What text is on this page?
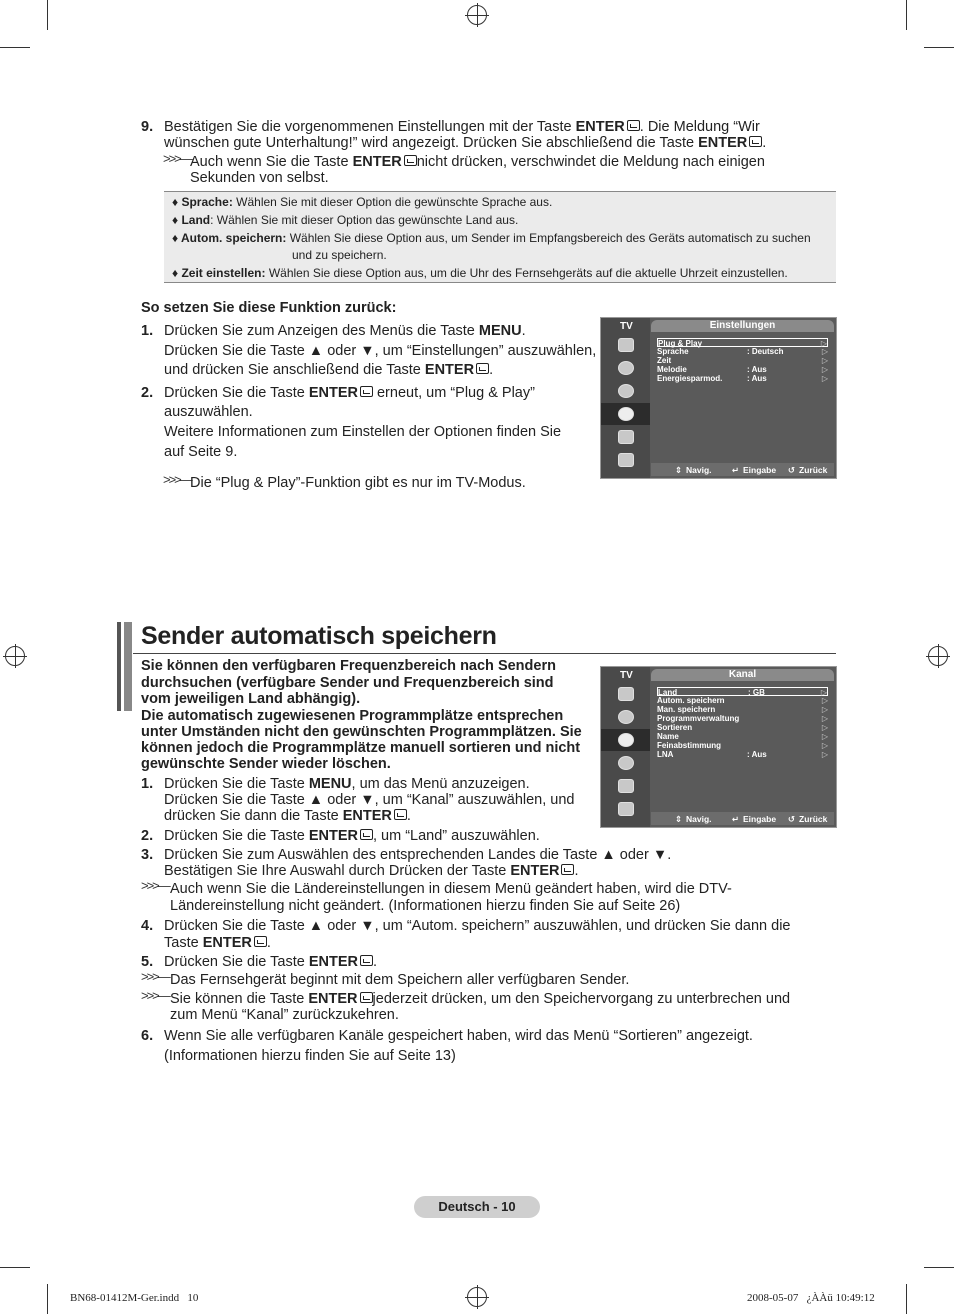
9. Bestätigen Sie die vorgenommenen Einstellungen mit der Taste ENTER . Die Meldung “Wir
wünschen gute Unterhaltung!” wird angezeigt. Drücken Sie abschließend die Taste ENTER .
>>>— Auch wenn Sie die Taste ENTER nicht drücken, verschwindet die Meldung nach einigen
Sekunden von selbst.
♦ Sprache: Wählen Sie mit dieser Option die gewünschte Sprache aus.
♦ Land: Wählen Sie mit dieser Option das gewünschte Land aus.
♦ Autom. speichern: Wählen Sie diese Option aus, um Sender im Empfangsbereich des Geräts automatisch zu suchen
und zu speichern.
♦ Zeit einstellen: Wählen Sie diese Option aus, um die Uhr des Fernsehgeräts auf die aktuelle Uhrzeit einzustellen.
So setzen Sie diese Funktion zurück:
1. Drücken Sie zum Anzeigen des Menüs die Taste MENU.
Drücken Sie die Taste ▲ oder ▼, um “Einstellungen” auszuwählen,
und drücken Sie anschließend die Taste ENTER .
2. Drücken Sie die Taste ENTER erneut, um “Plug & Play”
auszuwählen.
Weitere Informationen zum Einstellen der Optionen finden Sie
auf Seite 9.
>>>— Die “Plug & Play”-Funktion gibt es nur im TV-Modus.
TV	Einstellungen
Plug & Play	▷
Sprache	: Deutsch	▷
Zeit	▷
Melodie	: Aus	▷
Energiesparmod.	: Aus	▷
⇕ Navig. ↵ Eingabe ↺ Zurück
Sender automatisch speichern
Sie können den verfügbaren Frequenzbereich nach Sendern
durchsuchen (verfügbare Sender und Frequenzbereich sind
vom jeweiligen Land abhängig).
Die automatisch zugewiesenen Programmplätze entsprechen
unter Umständen nicht den gewünschten Programmplätzen. Sie
können jedoch die Programmplätze manuell sortieren und nicht
gewünschte Sender wieder löschen.
1. Drücken Sie die Taste MENU, um das Menü anzuzeigen.
Drücken Sie die Taste ▲ oder ▼, um “Kanal” auszuwählen, und
drücken Sie dann die Taste ENTER .
2. Drücken Sie die Taste ENTER , um “Land” auszuwählen.
3. Drücken Sie zum Auswählen des entsprechenden Landes die Taste ▲ oder ▼.
Bestätigen Sie Ihre Auswahl durch Drücken der Taste ENTER .
>>>— Auch wenn Sie die Ländereinstellungen in diesem Menü geändert haben, wird die DTV-
Ländereinstellung nicht geändert. (Informationen hierzu finden Sie auf Seite 26)
4. Drücken Sie die Taste ▲ oder ▼, um “Autom. speichern” auszuwählen, und drücken Sie dann die
Taste ENTER .
5. Drücken Sie die Taste ENTER .
>>>— Das Fernsehgerät beginnt mit dem Speichern aller verfügbaren Sender.
>>>— Sie können die Taste ENTER jederzeit drücken, um den Speichervorgang zu unterbrechen und
zum Menü “Kanal” zurückzukehren.
6. Wenn Sie alle verfügbaren Kanäle gespeichert haben, wird das Menü “Sortieren” angezeigt.
(Informationen hierzu finden Sie auf Seite 13)
TV	Kanal
Land	: GB	▷
Autom. speichern	▷
Man. speichern	▷
Programmverwaltung	▷
Sortieren	▷
Name	▷
Feinabstimmung	▷
LNA	: Aus	▷
⇕ Navig. ↵ Eingabe ↺ Zurück
Deutsch - 10
BN68-01412M-Ger.indd   10	2008-05-07   ¿ÀÀü 10:49:12
